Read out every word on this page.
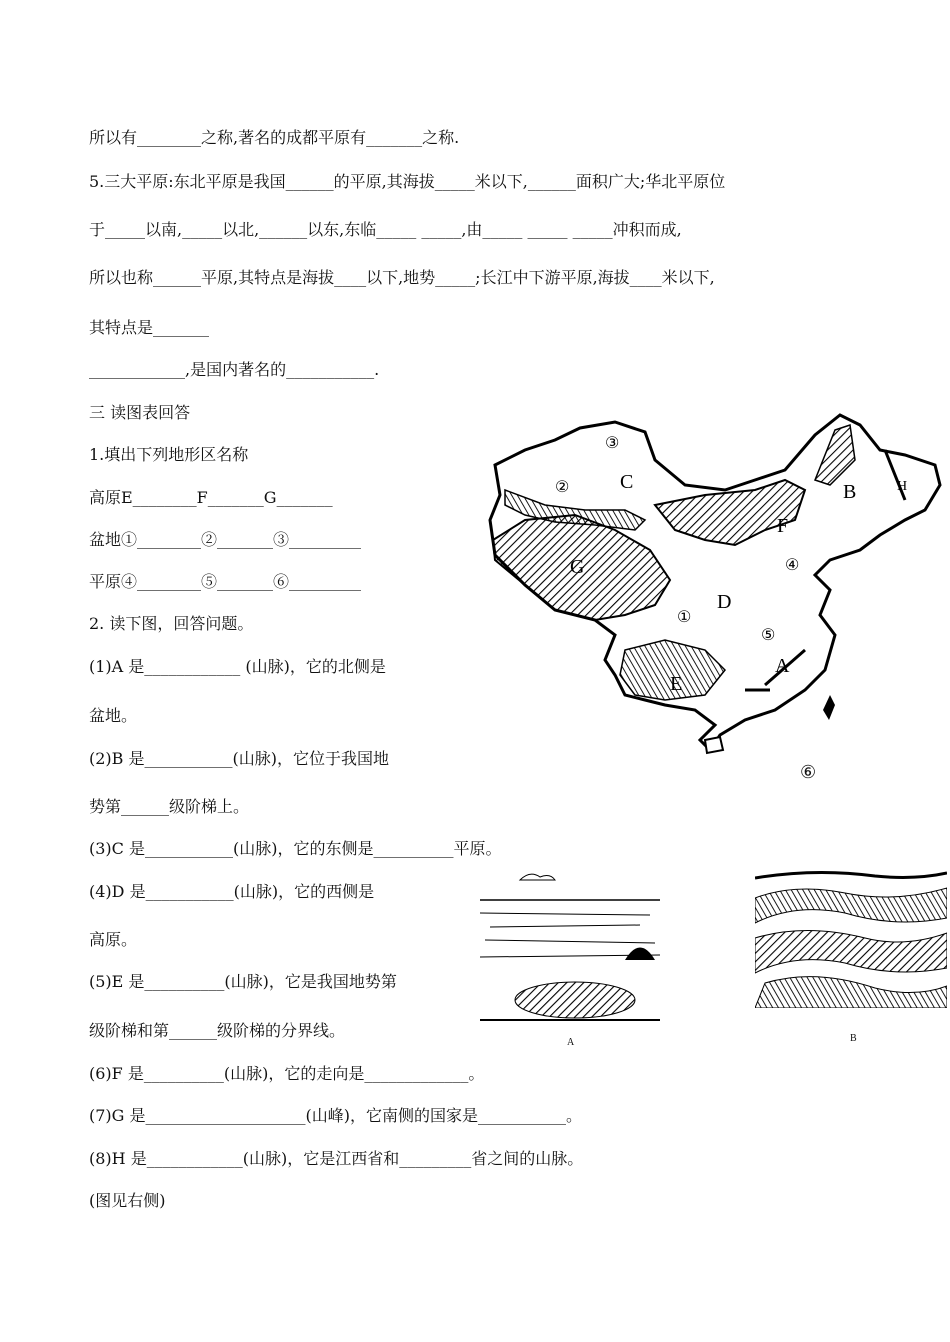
所以有________之称,著名的成都平原有_______之称.
5.三大平原:东北平原是我国______的平原,其海拔_____米以下,______面积广大;华北平原位
于_____以南,_____以北,______以东,东临_____ _____,由_____ _____ _____冲积而成,
所以也称______平原,其特点是海拔____以下,地势_____;长江中下游平原,海拔____米以下,
其特点是_______
____________,是国内著名的___________.
三 读图表回答
1.填出下列地形区名称
高原E________F_______G_______
盆地①________②_______③_________
平原④________⑤_______⑥_________
2. 读下图，回答问题。
(1)A 是____________ (山脉)，它的北侧是
盆地。
(2)B 是___________(山脉)，它位于我国地
势第______级阶梯上。
(3)C 是___________(山脉)，它的东侧是__________平原。
(4)D 是___________(山脉)，它的西侧是
高原。
(5)E 是__________(山脉)，它是我国地势第
级阶梯和第______级阶梯的分界线。
(6)F 是__________(山脉)，它的走向是_____________。
(7)G 是____________________(山峰)，它南侧的国家是___________。
(8)H 是____________(山脉)，它是江西省和_________省之间的山脉。
(图见右侧)
A
B
C
D
E
F
G
H
①
②
③
④
⑤
⑥
A	B
